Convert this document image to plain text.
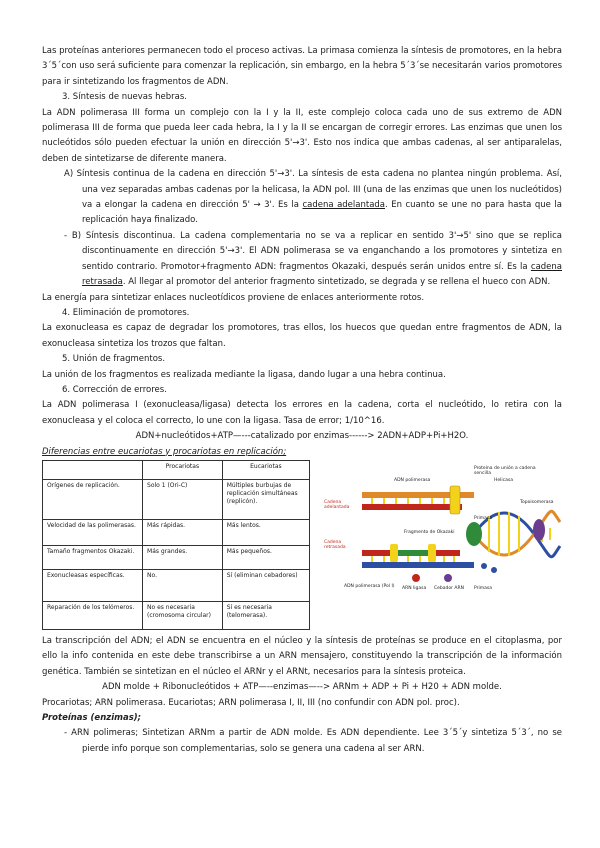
Las proteínas anteriores permanecen todo el proceso activas. La primasa comienza la síntesis de promotores, en la hebra 3´5´con uso será suficiente para comenzar la replicación, sin embargo, en la hebra 5´3´se necesitarán varios promotores para ir sintetizando los fragmentos de ADN.

3. Síntesis de nuevas hebras.

La ADN polimerasa III forma un complejo con la I y la II, este complejo coloca cada uno de sus extremo de ADN polimerasa III de forma que pueda leer cada hebra, la I y la II se encargan de corregir errores. Las enzimas que unen los nucleótidos sólo pueden efectuar la unión en dirección 5'→3'. Esto nos indica que ambas cadenas, al ser antiparalelas, deben de sintetizarse de diferente manera.

A) Síntesis continua de la cadena en dirección 5'→3'. La síntesis de esta cadena no plantea ningún problema. Así, una vez separadas ambas cadenas por la helicasa, la ADN pol. III (una de las enzimas que unen los nucleótidos) va a elongar la cadena en dirección 5' → 3'. Es la cadena adelantada. En cuanto se une no para hasta que la replicación haya finalizado.

- B) Síntesis discontinua. La cadena complementaria no se va a replicar en sentido 3'→5' sino que se replica discontinuamente en dirección 5'→3'. El ADN polimerasa se va enganchando a los promotores y sintetiza en sentido contrario. Promotor+fragmento ADN: fragmentos Okazaki, después serán unidos entre sí. Es la cadena retrasada. Al llegar al promotor del anterior fragmento sintetizado, se degrada y se rellena el hueco con ADN.

La energía para sintetizar enlaces nucleotídicos proviene de enlaces anteriormente rotos.

4. Eliminación de promotores.

La exonucleasa es capaz de degradar los promotores, tras ellos, los huecos que quedan entre fragmentos de ADN, la exonucleasa sintetiza los trozos que faltan.

5. Unión de fragmentos.

La unión de los fragmentos es realizada mediante la ligasa, dando lugar a una hebra continua.

6. Corrección de errores.

La ADN polimerasa I (exonucleasa/ligasa) detecta los errores en la cadena, corta el nucleótido, lo retira con la exonucleasa y el coloca el correcto, lo une con la ligasa. Tasa de error; 1/10^16.

ADN+nucleótidos+ATP—---catalizado por enzimas------> 2ADN+ADP+Pi+H2O.

Diferencias entre eucariotas y procariotas en replicación;

	Procariotas	Eucariotas
Orígenes de replicación.	Solo 1 (Ori-C)	Múltiples burbujas de replicación simultáneas (replicón).
Velocidad de las polimerasas.	Más rápidas.	Más lentos.
Tamaño fragmentos Okazaki.	Más grandes.	Más pequeños.
Exonucleasas específicas.	No.	Sí (eliminan cebadores)
Reparación de los telómeros.	No es necesaria (cromosoma circular)	Sí es necesaria (telomerasa).
Proteína de unión a cadena sencilla
Helicasa
Topoisomerasa
ADN polimerasa
Cadena adelantada
Cadena retrasada
Primasa
Fragmento de Okazaki
ADN polimerasa (Pol I) ARN ligasa Cebador ARN	Primasa

La transcripción del ADN; el ADN se encuentra en el núcleo y la síntesis de proteínas se produce en el citoplasma, por ello la info contenida en este debe transcribirse a un ARN mensajero, constituyendo la transcripción de la información genética. También se sintetizan en el núcleo el ARNr y el ARNt, necesarios para la síntesis proteica.

ADN molde + Ribonucleótidos + ATP—--enzimas—--> ARNm + ADP + Pi + H20 + ADN molde.

Procariotas; ARN polimerasa. Eucariotas; ARN polimerasa I, II, III (no confundir con ADN pol. proc).

Proteínas (enzimas);

- ARN polimeras; Sintetizan ARNm a partir de ADN molde. Es ADN dependiente. Lee 3´5´y sintetiza 5´3´, no se pierde info porque son complementarias, solo se genera una cadena al ser ARN.
